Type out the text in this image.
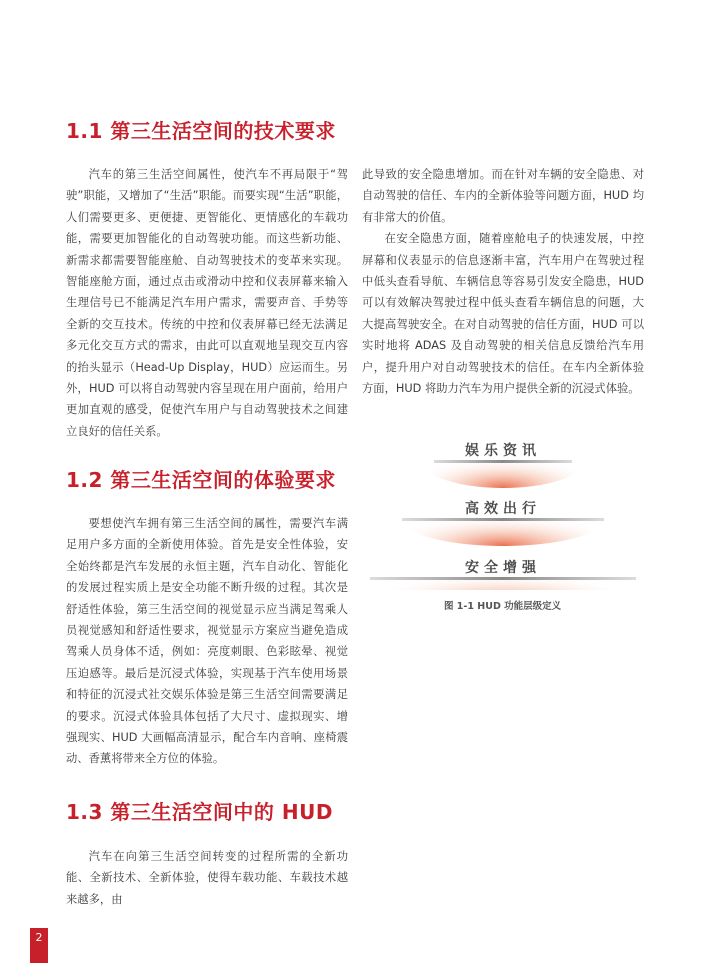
1.1 第三生活空间的技术要求

汽车的第三生活空间属性，使汽车不再局限于“驾驶”职能，又增加了“生活”职能。而要实现“生活”职能，人们需要更多、更便捷、更智能化、更情感化的车载功能，需要更加智能化的自动驾驶功能。而这些新功能、新需求都需要智能座舱、自动驾驶技术的变革来实现。智能座舱方面，通过点击或滑动中控和仪表屏幕来输入生理信号已不能满足汽车用户需求，需要声音、手势等全新的交互技术。传统的中控和仪表屏幕已经无法满足多元化交互方式的需求，由此可以直观地呈现交互内容的抬头显示（Head-Up Display，HUD）应运而生。另外，HUD 可以将自动驾驶内容呈现在用户面前，给用户更加直观的感受，促使汽车用户与自动驾驶技术之间建立良好的信任关系。

1.2 第三生活空间的体验要求

要想使汽车拥有第三生活空间的属性，需要汽车满足用户多方面的全新使用体验。首先是安全性体验，安全始终都是汽车发展的永恒主题，汽车自动化、智能化的发展过程实质上是安全功能不断升级的过程。其次是舒适性体验，第三生活空间的视觉显示应当满足驾乘人员视觉感知和舒适性要求，视觉显示方案应当避免造成驾乘人员身体不适，例如：亮度刺眼、色彩眩晕、视觉压迫感等。最后是沉浸式体验，实现基于汽车使用场景和特征的沉浸式社交娱乐体验是第三生活空间需要满足的要求。沉浸式体验具体包括了大尺寸、虚拟现实、增强现实、HUD 大画幅高清显示，配合车内音响、座椅震动、香薰将带来全方位的体验。

1.3 第三生活空间中的 HUD

汽车在向第三生活空间转变的过程所需的全新功能、全新技术、全新体验，使得车载功能、车载技术越来越多，由

此导致的安全隐患增加。而在针对车辆的安全隐患、对自动驾驶的信任、车内的全新体验等问题方面，HUD 均有非常大的价值。

在安全隐患方面，随着座舱电子的快速发展，中控屏幕和仪表显示的信息逐渐丰富，汽车用户在驾驶过程中低头查看导航、车辆信息等容易引发安全隐患，HUD 可以有效解决驾驶过程中低头查看车辆信息的问题，大大提高驾驶安全。在对自动驾驶的信任方面，HUD 可以实时地将 ADAS 及自动驾驶的相关信息反馈给汽车用户，提升用户对自动驾驶技术的信任。在车内全新体验方面，HUD 将助力汽车为用户提供全新的沉浸式体验。

娱乐资讯
高效出行
安全增强
图 1-1 HUD 功能层级定义
2
